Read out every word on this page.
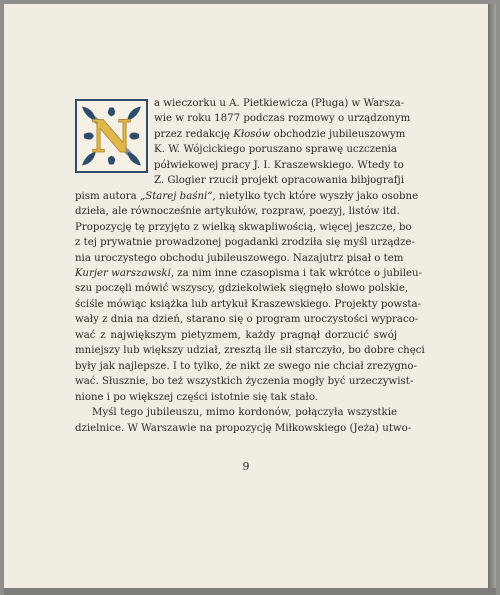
N
a wieczorku u A. Pietkiewicza (Pługa) w Warsza-
wie w roku 1877 podczas rozmowy o urządzonym
przez redakcję Kłosów obchodzie jubileuszowym
K. W. Wójcickiego poruszano sprawę uczczenia
półwiekowej pracy J. I. Kraszewskiego. Wtedy to
Z. Glogier rzucił projekt opracowania bibjografji
pism autora „Starej baśni“, nietylko tych które wyszły jako osobne
dzieła, ale równocześnie artykułów, rozpraw, poezyj, listów itd.
Propozycję tę przyjęto z wielką skwapliwością, więcej jeszcze, bo
z tej prywatnie prowadzonej pogadanki zrodziła się myśl urządze-
nia uroczystego obchodu jubileuszowego. Nazajutrz pisał o tem
Kurjer warszawski, za nim inne czasopisma i tak wkrótce o jubileu-
szu poczęli mówić wszyscy, gdziekolwiek sięgnęło słowo polskie,
ściśle mówiąc książka lub artykuł Kraszewskiego. Projekty powsta-
wały z dnia na dzień, starano się o program uroczystości wypraco-
wać z największym pietyzmem, każdy pragnął dorzucić swój
mniejszy lub większy udział, zresztą ile sił starczyło, bo dobre chęci
były jak najlepsze. I to tylko, że nikt ze swego nie chciał zrezygno-
wać. Słusznie, bo też wszystkich życzenia mogły być urzeczywist-
nione i po większej części istotnie się tak stało.
Myśl tego jubileuszu, mimo kordonów, połączyła wszystkie
dzielnice. W Warszawie na propozycję Miłkowskiego (Jeża) utwo-
9
